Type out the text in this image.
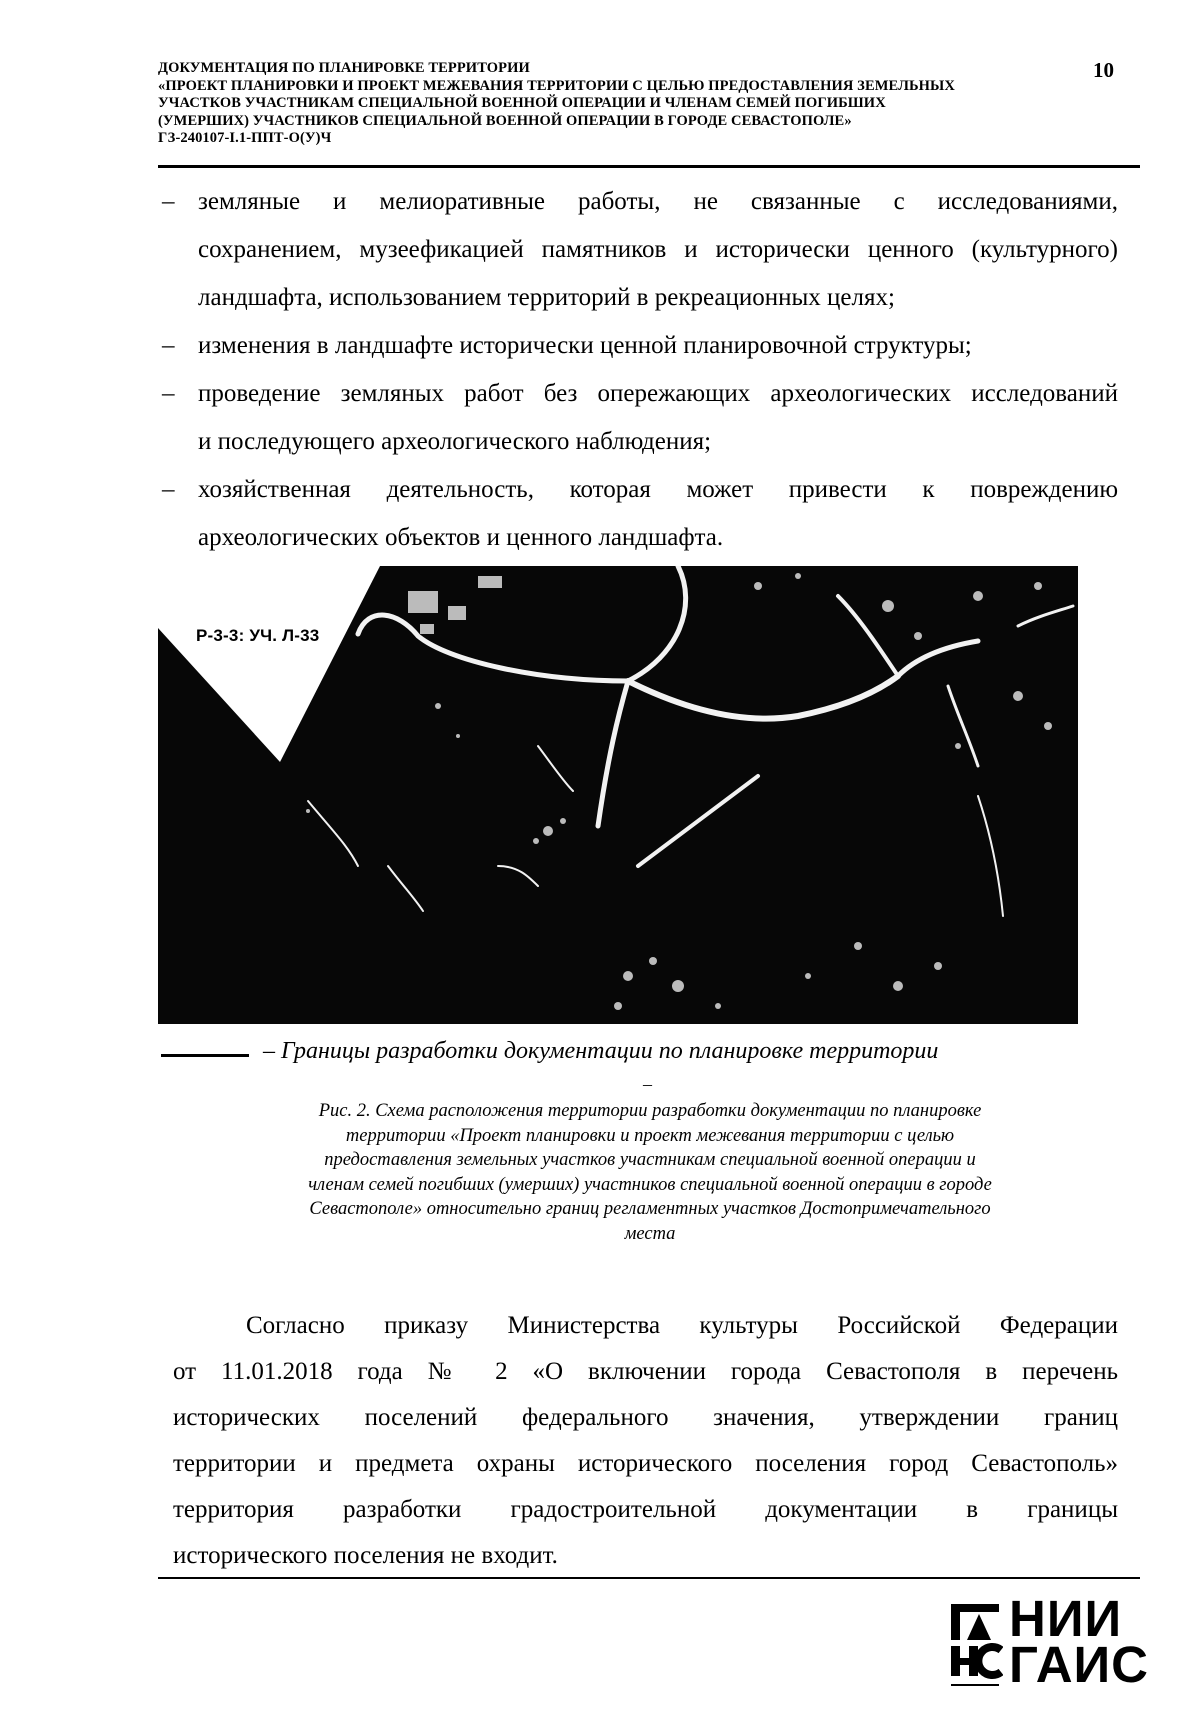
ДОКУМЕНТАЦИЯ ПО ПЛАНИРОВКЕ ТЕРРИТОРИИ
«ПРОЕКТ ПЛАНИРОВКИ И ПРОЕКТ МЕЖЕВАНИЯ ТЕРРИТОРИИ С ЦЕЛЬЮ ПРЕДОСТАВЛЕНИЯ ЗЕМЕЛЬНЫХ
УЧАСТКОВ УЧАСТНИКАМ СПЕЦИАЛЬНОЙ ВОЕННОЙ ОПЕРАЦИИ И ЧЛЕНАМ СЕМЕЙ ПОГИБШИХ
(УМЕРШИХ) УЧАСТНИКОВ СПЕЦИАЛЬНОЙ ВОЕННОЙ ОПЕРАЦИИ В ГОРОДЕ СЕВАСТОПОЛЕ»
ГЗ-240107-I.1-ППТ-О(У)Ч
10
– земляные и мелиоративные работы, не связанные с исследованиями,
сохранением, музеефикацией памятников и исторически ценного (культурного)
ландшафта, использованием территорий в рекреационных целях;
– изменения в ландшафте исторически ценной планировочной структуры;
– проведение земляных работ без опережающих археологических исследований
и последующего археологического наблюдения;
– хозяйственная деятельность, которая может привести к повреждению
археологических объектов и ценного ландшафта.
Р-3-3: УЧ. Л-33
– Границы разработки документации по планировке территории
–
Рис. 2. Схема расположения территории разработки документации по планировке
территории «Проект планировки и проект межевания территории с целью
предоставления земельных участков участникам специальной военной операции и
членам семей погибших (умерших) участников специальной военной операции в городе
Севастополе» относительно границ регламентных участков Достопримечательного
места
Согласно приказу Министерства культуры Российской Федерации
от 11.01.2018 года № 2 «О включении города Севастополя в перечень
исторических поселений федерального значения, утверждении границ
территории и предмета охраны исторического поселения город Севастополь»
территория разработки градостроительной документации в границы
исторического поселения не входит.
НИИ
ГАИС
